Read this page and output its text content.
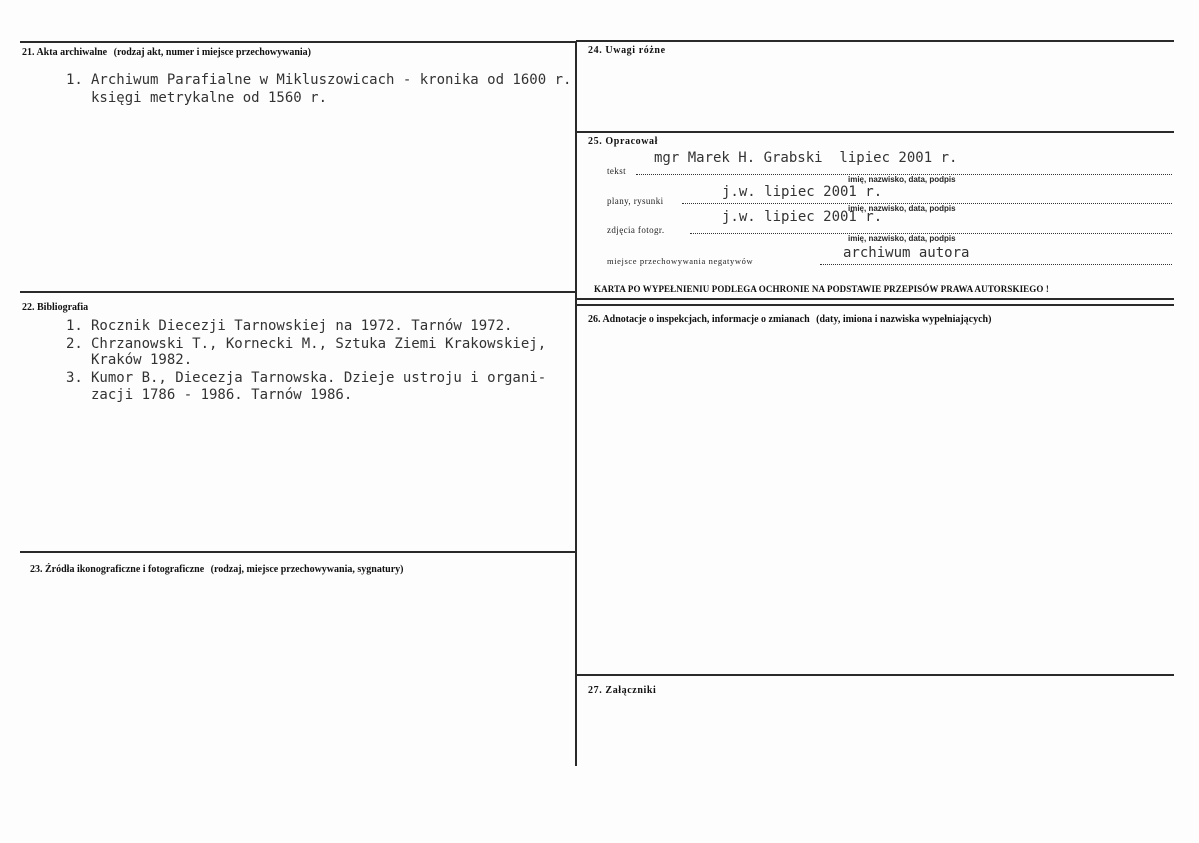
21. Akta archiwalne (rodzaj akt, numer i miejsce przechowywania)
1. Archiwum Parafialne w Mikluszowicach - kronika od 1600 r.
księgi metrykalne od 1560 r.
22. Bibliografia
1. Rocznik Diecezji Tarnowskiej na 1972. Tarnów 1972.
2. Chrzanowski T., Kornecki M., Sztuka Ziemi Krakowskiej,
Kraków 1982.
3. Kumor B., Diecezja Tarnowska. Dzieje ustroju i organi-
zacji 1786 - 1986. Tarnów 1986.
23. Źródła ikonograficzne i fotograficzne (rodzaj, miejsce przechowywania, sygnatury)
24. Uwagi różne
25. Opracował
mgr Marek H. Grabski  lipiec 2001 r.
tekst
imię, nazwisko, data, podpis
j.w. lipiec 2001 r.
plany, rysunki
imię, nazwisko, data, podpis
j.w. lipiec 2001 r.
zdjęcia fotogr.
imię, nazwisko, data, podpis
archiwum autora
miejsce przechowywania negatywów
KARTA PO WYPEŁNIENIU PODLEGA OCHRONIE NA PODSTAWIE PRZEPISÓW PRAWA AUTORSKIEGO !
26. Adnotacje o inspekcjach, informacje o zmianach (daty, imiona i nazwiska wypełniających)
27. Załączniki
